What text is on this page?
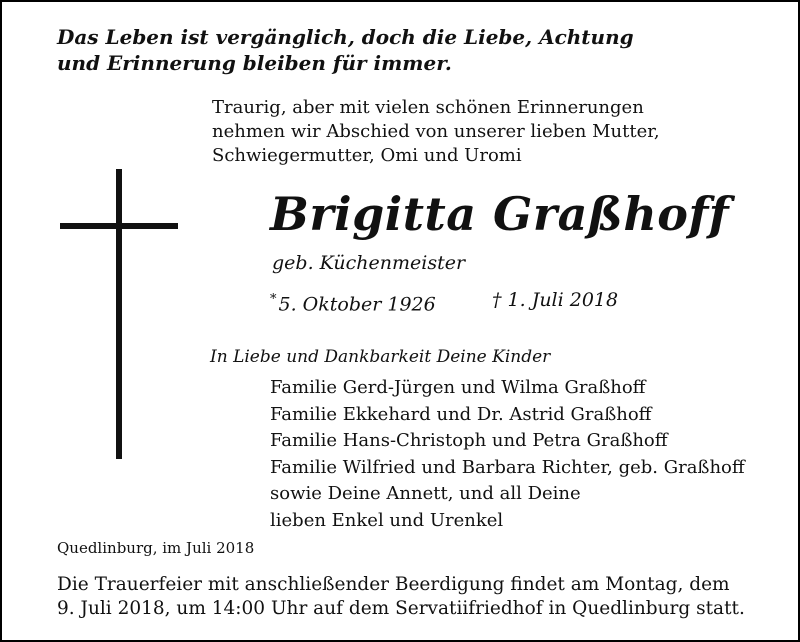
Das Leben ist vergänglich, doch die Liebe, Achtung
und Erinnerung bleiben für immer.
Traurig, aber mit vielen schönen Erinnerungen
nehmen wir Abschied von unserer lieben Mutter,
Schwiegermutter, Omi und Uromi
Brigitta Graßhoff
geb. Küchenmeister
* 5. Oktober 1926	† 1. Juli 2018
In Liebe und Dankbarkeit Deine Kinder
Familie Gerd-Jürgen und Wilma Graßhoff
Familie Ekkehard und Dr. Astrid Graßhoff
Familie Hans-Christoph und Petra Graßhoff
Familie Wilfried und Barbara Richter, geb. Graßhoff
sowie Deine Annett, und all Deine
lieben Enkel und Urenkel
Quedlinburg, im Juli 2018
Die Trauerfeier mit anschließender Beerdigung findet am Montag, dem
9. Juli 2018, um 14:00 Uhr auf dem Servatiifriedhof in Quedlinburg statt.
